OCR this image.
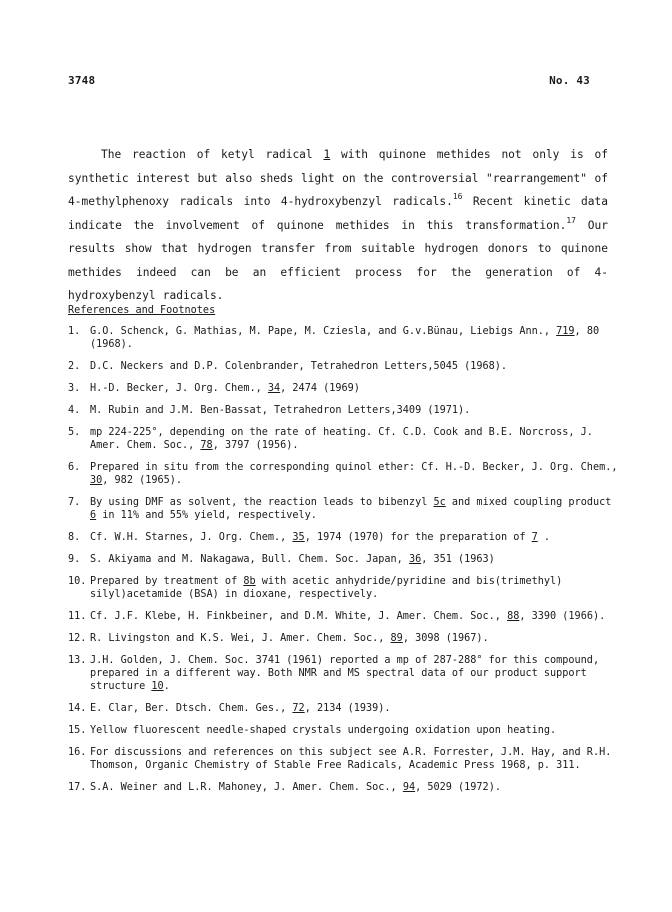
3748	No. 43

The reaction of ketyl radical 1 with quinone methides not only is of synthetic interest but also sheds light on the controversial "rearrangement" of 4-methylphenoxy radicals into 4-hydroxybenzyl radicals.$^{16}$ Recent kinetic data indicate the involvement of quinone methides in this transformation.$^{17}$ Our results show that hydrogen transfer from suitable hydrogen donors to quinone methides indeed can be an efficient process for the generation of 4-hydroxybenzyl radicals.

References and Footnotes
1. G.O. Schenck, G. Mathias, M. Pape, M. Cziesla, and G.v.Bünau, Liebigs Ann., 719, 80 (1968).
2. D.C. Neckers and D.P. Colenbrander, Tetrahedron Letters,5045 (1968).
3. H.-D. Becker, J. Org. Chem., 34, 2474 (1969)
4. M. Rubin and J.M. Ben-Bassat, Tetrahedron Letters,3409 (1971).
5. mp 224-225°, depending on the rate of heating. Cf. C.D. Cook and B.E. Norcross, J. Amer. Chem. Soc., 78, 3797 (1956).
6. Prepared in situ from the corresponding quinol ether: Cf. H.-D. Becker, J. Org. Chem., 30, 982 (1965).
7. By using DMF as solvent, the reaction leads to bibenzyl 5c and mixed coupling product 6 in 11% and 55% yield, respectively.
8. Cf. W.H. Starnes, J. Org. Chem., 35, 1974 (1970) for the preparation of 7 .
9. S. Akiyama and M. Nakagawa, Bull. Chem. Soc. Japan, 36, 351 (1963)
10. Prepared by treatment of 8b with acetic anhydride/pyridine and bis(trimethyl) silyl)acetamide (BSA) in dioxane, respectively.
11. Cf. J.F. Klebe, H. Finkbeiner, and D.M. White, J. Amer. Chem. Soc., 88, 3390 (1966).
12. R. Livingston and K.S. Wei, J. Amer. Chem. Soc., 89, 3098 (1967).
13. J.H. Golden, J. Chem. Soc. 3741 (1961) reported a mp of 287-288° for this compound, prepared in a different way. Both NMR and MS spectral data of our product support structure 10.
14. E. Clar, Ber. Dtsch. Chem. Ges., 72, 2134 (1939).
15. Yellow fluorescent needle-shaped crystals undergoing oxidation upon heating.
16. For discussions and references on this subject see A.R. Forrester, J.M. Hay, and R.H. Thomson, Organic Chemistry of Stable Free Radicals, Academic Press 1968, p. 311.
17. S.A. Weiner and L.R. Mahoney, J. Amer. Chem. Soc., 94, 5029 (1972).
